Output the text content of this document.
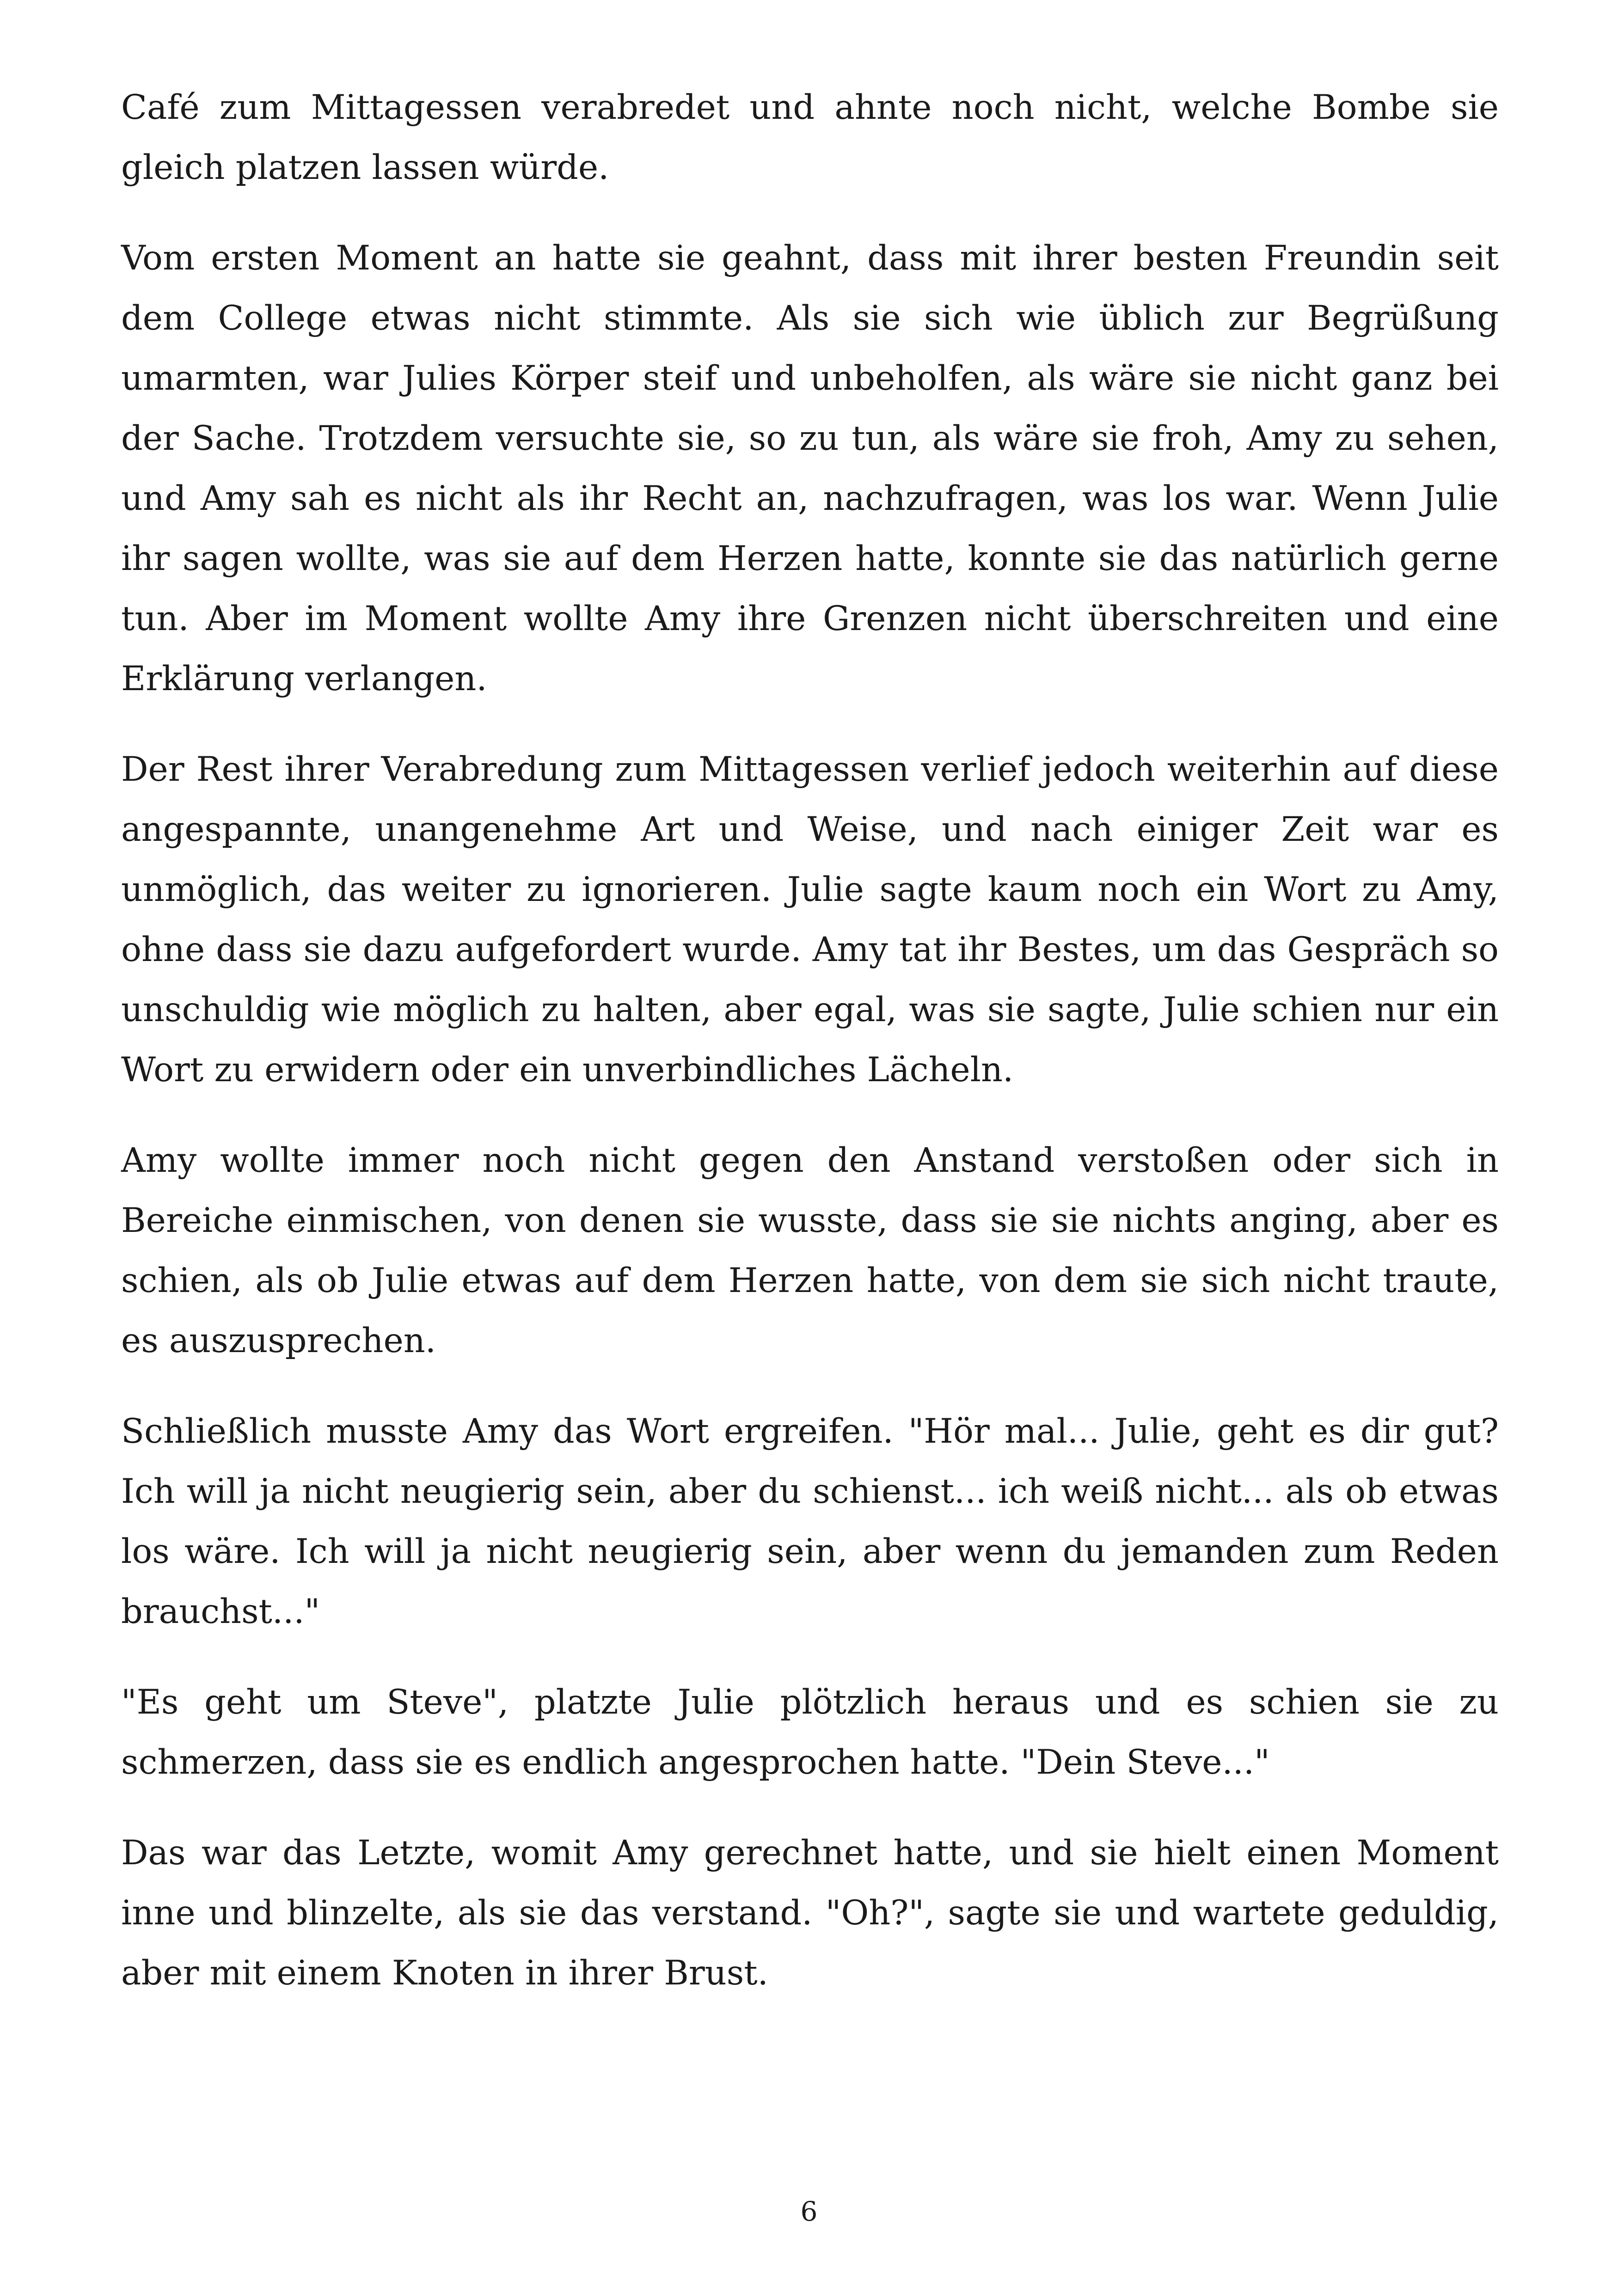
Café zum Mittagessen verabredet und ahnte noch nicht, welche Bombe sie gleich platzen lassen würde.

Vom ersten Moment an hatte sie geahnt, dass mit ihrer besten Freundin seit dem College etwas nicht stimmte. Als sie sich wie üblich zur Begrüßung umarmten, war Julies Körper steif und unbeholfen, als wäre sie nicht ganz bei der Sache. Trotzdem versuchte sie, so zu tun, als wäre sie froh, Amy zu sehen, und Amy sah es nicht als ihr Recht an, nachzufragen, was los war. Wenn Julie ihr sagen wollte, was sie auf dem Herzen hatte, konnte sie das natürlich gerne tun. Aber im Moment wollte Amy ihre Grenzen nicht überschreiten und eine Erklärung verlangen.

Der Rest ihrer Verabredung zum Mittagessen verlief jedoch weiterhin auf diese angespannte, unangenehme Art und Weise, und nach einiger Zeit war es unmöglich, das weiter zu ignorieren. Julie sagte kaum noch ein Wort zu Amy, ohne dass sie dazu aufgefordert wurde. Amy tat ihr Bestes, um das Gespräch so unschuldig wie möglich zu halten, aber egal, was sie sagte, Julie schien nur ein Wort zu erwidern oder ein unverbindliches Lächeln.

Amy wollte immer noch nicht gegen den Anstand verstoßen oder sich in Bereiche einmischen, von denen sie wusste, dass sie sie nichts anging, aber es schien, als ob Julie etwas auf dem Herzen hatte, von dem sie sich nicht traute, es auszusprechen.

Schließlich musste Amy das Wort ergreifen. "Hör mal... Julie, geht es dir gut? Ich will ja nicht neugierig sein, aber du schienst... ich weiß nicht... als ob etwas los wäre. Ich will ja nicht neugierig sein, aber wenn du jemanden zum Reden brauchst..."

"Es geht um Steve", platzte Julie plötzlich heraus und es schien sie zu schmerzen, dass sie es endlich angesprochen hatte. "Dein Steve..."

Das war das Letzte, womit Amy gerechnet hatte, und sie hielt einen Moment inne und blinzelte, als sie das verstand. "Oh?", sagte sie und wartete geduldig, aber mit einem Knoten in ihrer Brust.

6
